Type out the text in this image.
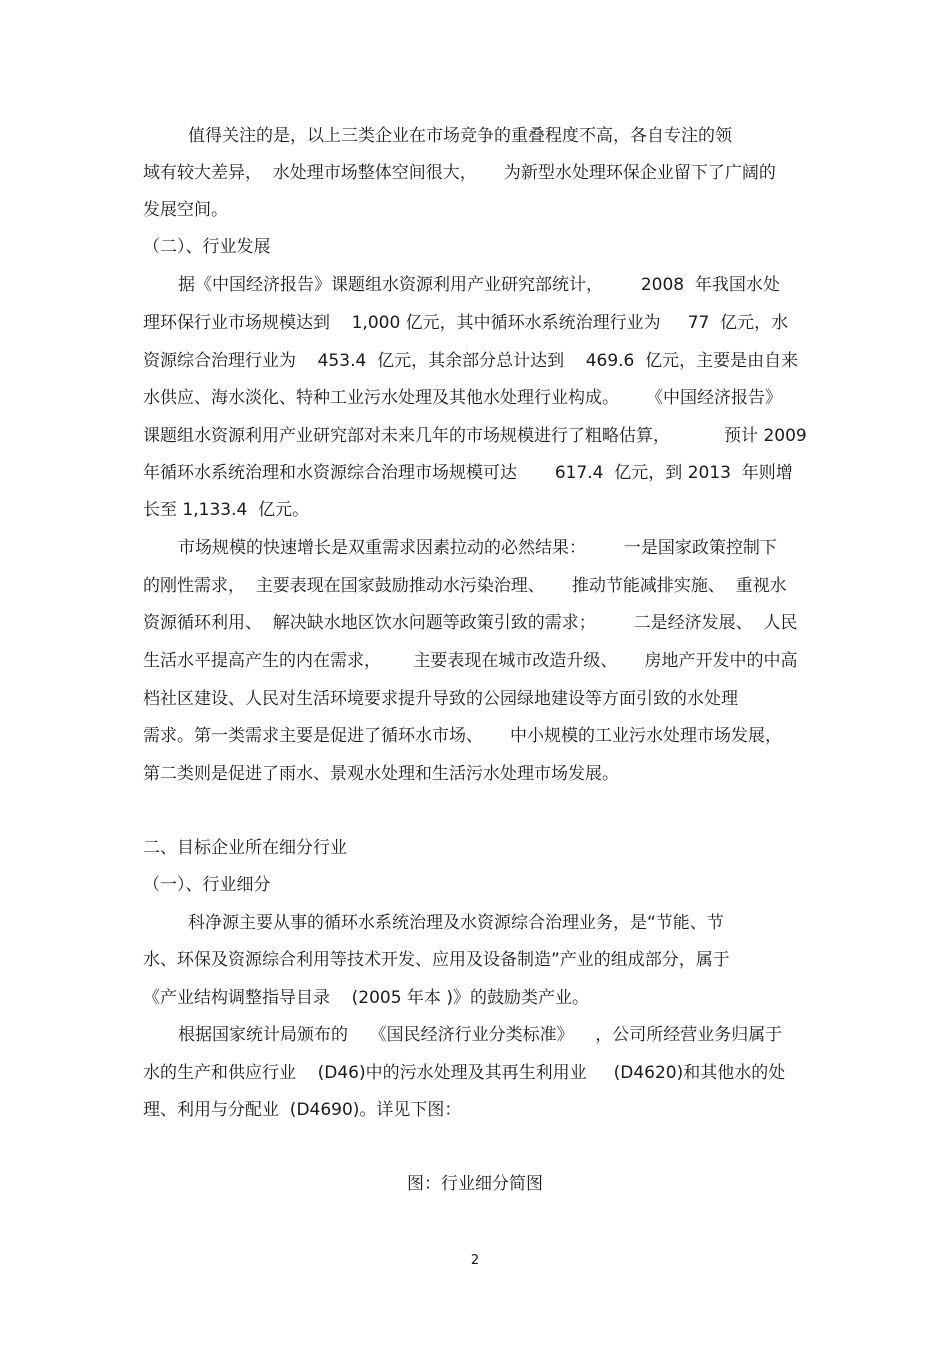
值得关注的是，以上三类企业在市场竞争的重叠程度不高，各自专注的领

域有较大差异，  水处理市场整体空间很大，     为新型水处理环保企业留下了广阔的

发展空间。

（二）、行业发展

据《中国经济报告》课题组水资源利用产业研究部统计，       2008  年我国水处

理环保行业市场规模达到    1,000 亿元，其中循环水系统治理行业为     77  亿元，水

资源综合治理行业为    453.4  亿元，其余部分总计达到    469.6  亿元，主要是由自来

水供应、海水淡化、特种工业污水处理及其他水处理行业构成。     《中国经济报告》

课题组水资源利用产业研究部对未来几年的市场规模进行了粗略估算，          预计 2009

年循环水系统治理和水资源综合治理市场规模可达       617.4  亿元，到 2013  年则增

长至 1,133.4  亿元。

市场规模的快速增长是双重需求因素拉动的必然结果：       一是国家政策控制下

的刚性需求，  主要表现在国家鼓励推动水污染治理、     推动节能减排实施、  重视水

资源循环利用、  解决缺水地区饮水问题等政策引致的需求；       二是经济发展、  人民

生活水平提高产生的内在需求，      主要表现在城市改造升级、     房地产开发中的中高

档社区建设、人民对生活环境要求提升导致的公园绿地建设等方面引致的水处理

需求。第一类需求主要是促进了循环水市场、     中小规模的工业污水处理市场发展，

第二类则是促进了雨水、景观水处理和生活污水处理市场发展。

二、目标企业所在细分行业

（一）、行业细分

科净源主要从事的循环水系统治理及水资源综合治理业务，是“节能、节

水、环保及资源综合利用等技术开发、应用及设备制造”产业的组成部分，属于

《产业结构调整指导目录    (2005 年本 )》的鼓励类产业。

根据国家统计局颁布的    《国民经济行业分类标准》    ，公司所经营业务归属于

水的生产和供应行业    (D46)中的污水处理及其再生利用业     (D4620)和其他水的处

理、利用与分配业  (D4690)。详见下图：

图：行业细分简图

2
